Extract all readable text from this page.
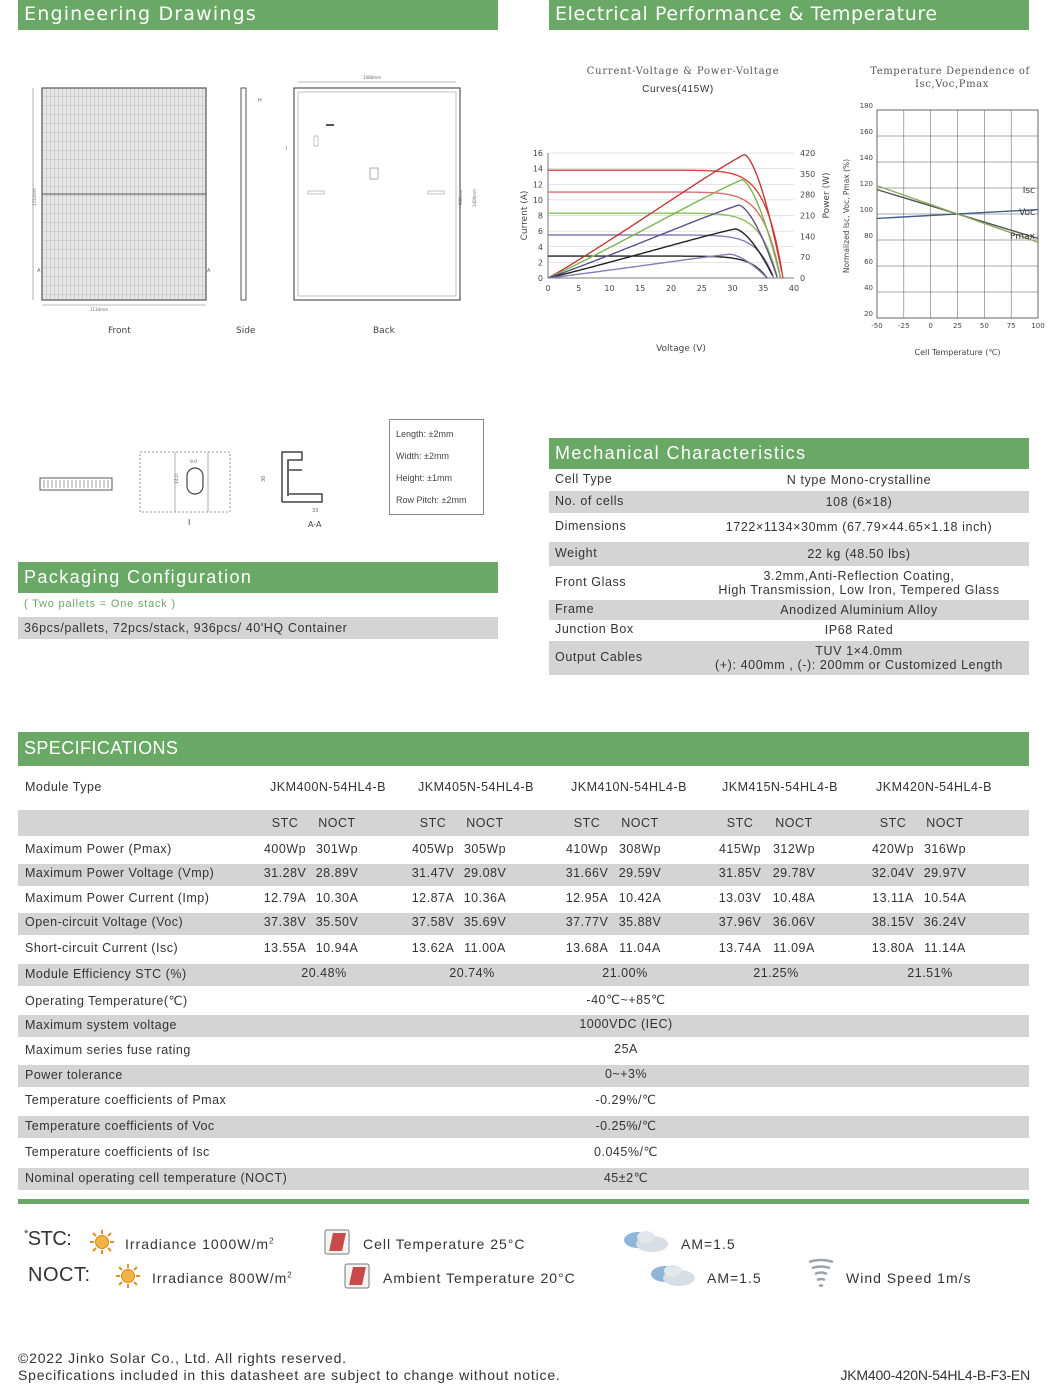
Engineering Drawings	Electrical Performance & Temperature Dependence
1134mm
1722mm
A	A
Front
H
Side
1086mm
I
988mm 1400mm
Back
9.0
14.0
I
30
33
A-A
Length: ±2mm
Width: ±2mm
Height: ±1mm
Row Pitch: ±2mm
Current-Voltage & Power-Voltage
Curves(415W)
0	5	10	15	20	25	30	35	40
0
2
4
6
8
10
12
14
16
0
70
140
210
280
350
420
Voltage (V)
Current (A)	Power (W)
Temperature Dependence of
Isc,Voc,Pmax
-50 -25	0	25	50	75 100
20
40
60
80
100
120
140
160
180
Cell Temperature (℃)
Normalized Isc, Voc, Pmax (%)	Isc
Voc
Pmax
Mechanical Characteristics
Cell Type	N type Mono-crystalline
No. of cells	108 (6×18)
Dimensions	1722×1134×30mm (67.79×44.65×1.18 inch)
Weight	22 kg (48.50 lbs)
Front Glass	3.2mm,Anti-Reflection Coating,
High Transmission, Low Iron, Tempered Glass
Frame	Anodized Aluminium Alloy
Junction Box	IP68 Rated
Output Cables	TUV 1×4.0mm
(+): 400mm , (-): 200mm or Customized Length
Packaging Configuration
( Two pallets = One stack )
36pcs/pallets, 72pcs/stack, 936pcs/ 40'HQ Container
SPECIFICATIONS
Module Type	JKM400N-54HL4-B	JKM405N-54HL4-B	JKM410N-54HL4-B	JKM415N-54HL4-B	JKM420N-54HL4-B
STC	NOCT	STC	NOCT	STC	NOCT	STC	NOCT	STC	NOCT
Maximum Power (Pmax)	400Wp 301Wp	405Wp 305Wp	410Wp 308Wp	415Wp 312Wp	420Wp 316Wp
Maximum Power Voltage (Vmp)	31.28V 28.89V	31.47V 29.08V	31.66V 29.59V	31.85V 29.78V	32.04V 29.97V
Maximum Power Current (Imp)	12.79A 10.30A	12.87A 10.36A	12.95A 10.42A	13.03V 10.48A	13.11A 10.54A
Open-circuit Voltage (Voc)	37.38V 35.50V	37.58V 35.69V	37.77V 35.88V	37.96V 36.06V	38.15V 36.24V
Short-circuit Current (Isc)	13.55A 10.94A	13.62A 11.00A	13.68A 11.04A	13.74A 11.09A	13.80A 11.14A
Module Efficiency STC (%)	20.48%	20.74%	21.00%	21.25%	21.51%
Operating Temperature(℃)	-40℃~+85℃
Maximum system voltage	1000VDC (IEC)
Maximum series fuse rating	25A
Power tolerance	0~+3%
Temperature coefficients of Pmax	-0.29%/℃
Temperature coefficients of Voc	-0.25%/℃
Temperature coefficients of Isc	0.045%/℃
Nominal operating cell temperature (NOCT)	45±2℃
*STC:
NOCT:
Irradiance $1000W/m^2$
Irradiance $800W/m^2$
Cell Temperature 25°C
Ambient Temperature 20°C
AM=1.5
AM=1.5	Wind Speed 1m/s
©2022 Jinko Solar Co., Ltd. All rights reserved.
Specifications included in this datasheet are subject to change without notice.	JKM400-420N-54HL4-B-F3-EN
